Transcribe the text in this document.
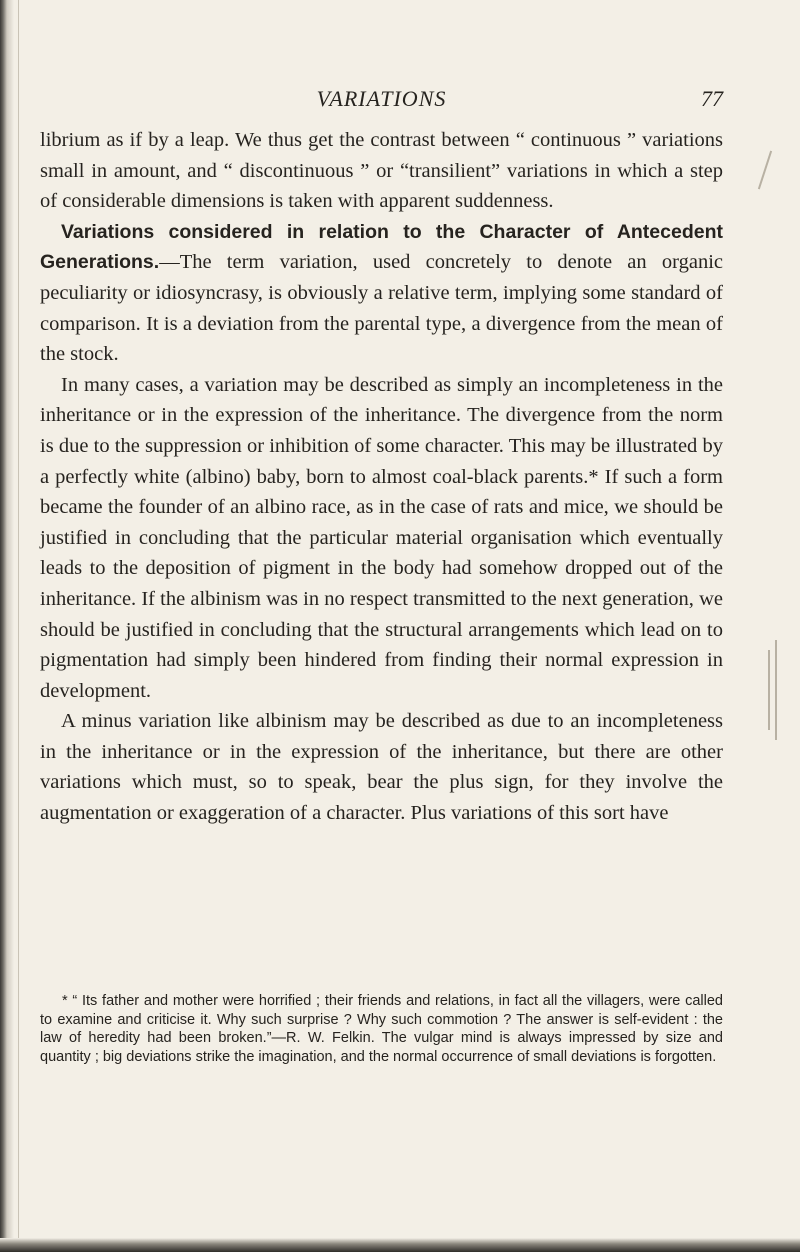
VARIATIONS	77

librium as if by a leap. We thus get the contrast between “ continuous ” variations small in amount, and “ discontinuous ” or “transilient” variations in which a step of considerable dimensions is taken with apparent suddenness.

Variations considered in relation to the Character of Antecedent Generations.—The term variation, used concretely to denote an organic peculiarity or idiosyncrasy, is obviously a relative term, implying some standard of comparison. It is a deviation from the parental type, a divergence from the mean of the stock.

In many cases, a variation may be described as simply an incompleteness in the inheritance or in the expression of the inheritance. The divergence from the norm is due to the suppression or inhibition of some character. This may be illustrated by a perfectly white (albino) baby, born to almost coal-black parents.* If such a form became the founder of an albino race, as in the case of rats and mice, we should be justified in concluding that the particular material organisation which eventually leads to the deposition of pigment in the body had somehow dropped out of the inheritance. If the albinism was in no respect transmitted to the next generation, we should be justified in concluding that the structural arrangements which lead on to pigmentation had simply been hindered from finding their normal expression in development.

A minus variation like albinism may be described as due to an incompleteness in the inheritance or in the expression of the inheritance, but there are other variations which must, so to speak, bear the plus sign, for they involve the augmentation or exaggeration of a character. Plus variations of this sort have

* “ Its father and mother were horrified ; their friends and relations, in fact all the villagers, were called to examine and criticise it. Why such surprise ? Why such commotion ? The answer is self-evident : the law of heredity had been broken.”—R. W. Felkin. The vulgar mind is always impressed by size and quantity ; big deviations strike the imagination, and the normal occurrence of small deviations is forgotten.
